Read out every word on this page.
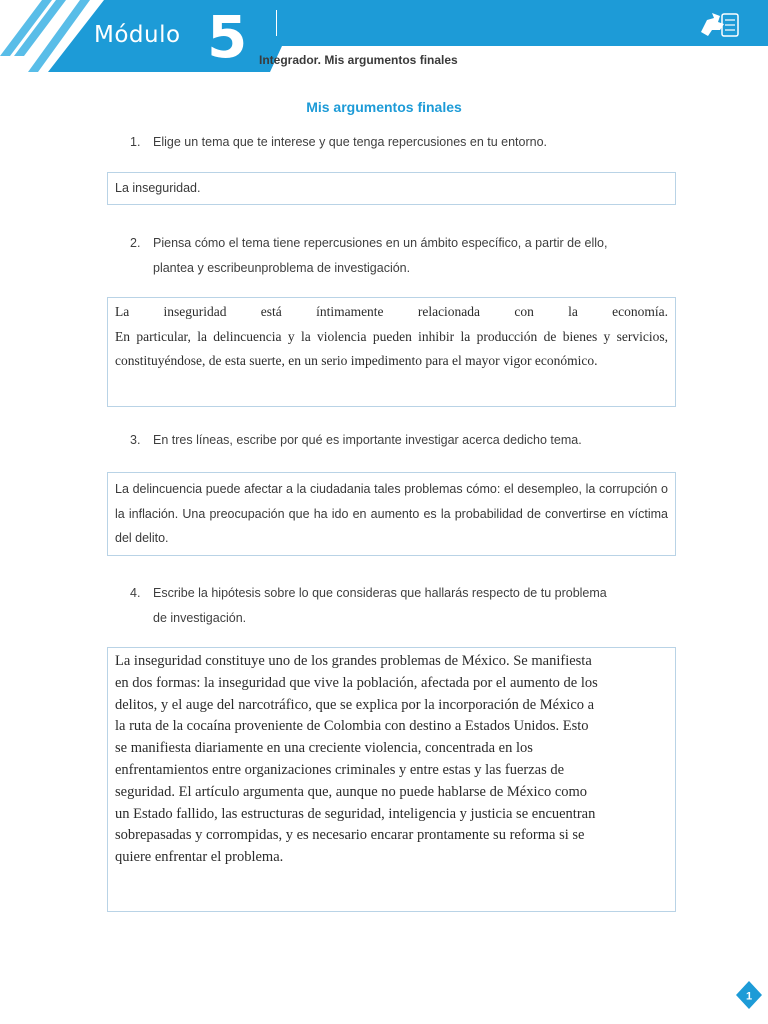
Módulo 5 Integrador. Mis argumentos finales
Mis argumentos finales
1. Elige un tema que te interese y que tenga repercusiones en tu entorno.
La inseguridad.
2. Piensa cómo el tema tiene repercusiones en un ámbito específico, a partir de ello,
plantea y escribeunproblema de investigación.
La inseguridad está íntimamente relacionada con la economía.
En particular, la delincuencia y la violencia pueden inhibir la producción de bienes y servicios, constituyéndose, de esta suerte, en un serio impedimento para el mayor vigor económico.
3. En tres líneas, escribe por qué es importante investigar acerca dedicho tema.
La delincuencia puede afectar a la ciudadania tales problemas cómo: el desempleo, la corrupción o la inflación. Una preocupación que ha ido en aumento es la probabilidad de convertirse en víctima del delito.
4. Escribe la hipótesis sobre lo que consideras que hallarás respecto de tu problema
de investigación.
La inseguridad constituye uno de los grandes problemas de México. Se manifiesta
en dos formas: la inseguridad que vive la población, afectada por el aumento de los
delitos, y el auge del narcotráfico, que se explica por la incorporación de México a
la ruta de la cocaína proveniente de Colombia con destino a Estados Unidos. Esto
se manifiesta diariamente en una creciente violencia, concentrada en los
enfrentamientos entre organizaciones criminales y entre estas y las fuerzas de
seguridad. El artículo argumenta que, aunque no puede hablarse de México como
un Estado fallido, las estructuras de seguridad, inteligencia y justicia se encuentran
sobrepasadas y corrompidas, y es necesario encarar prontamente su reforma si se
quiere enfrentar el problema.
1
